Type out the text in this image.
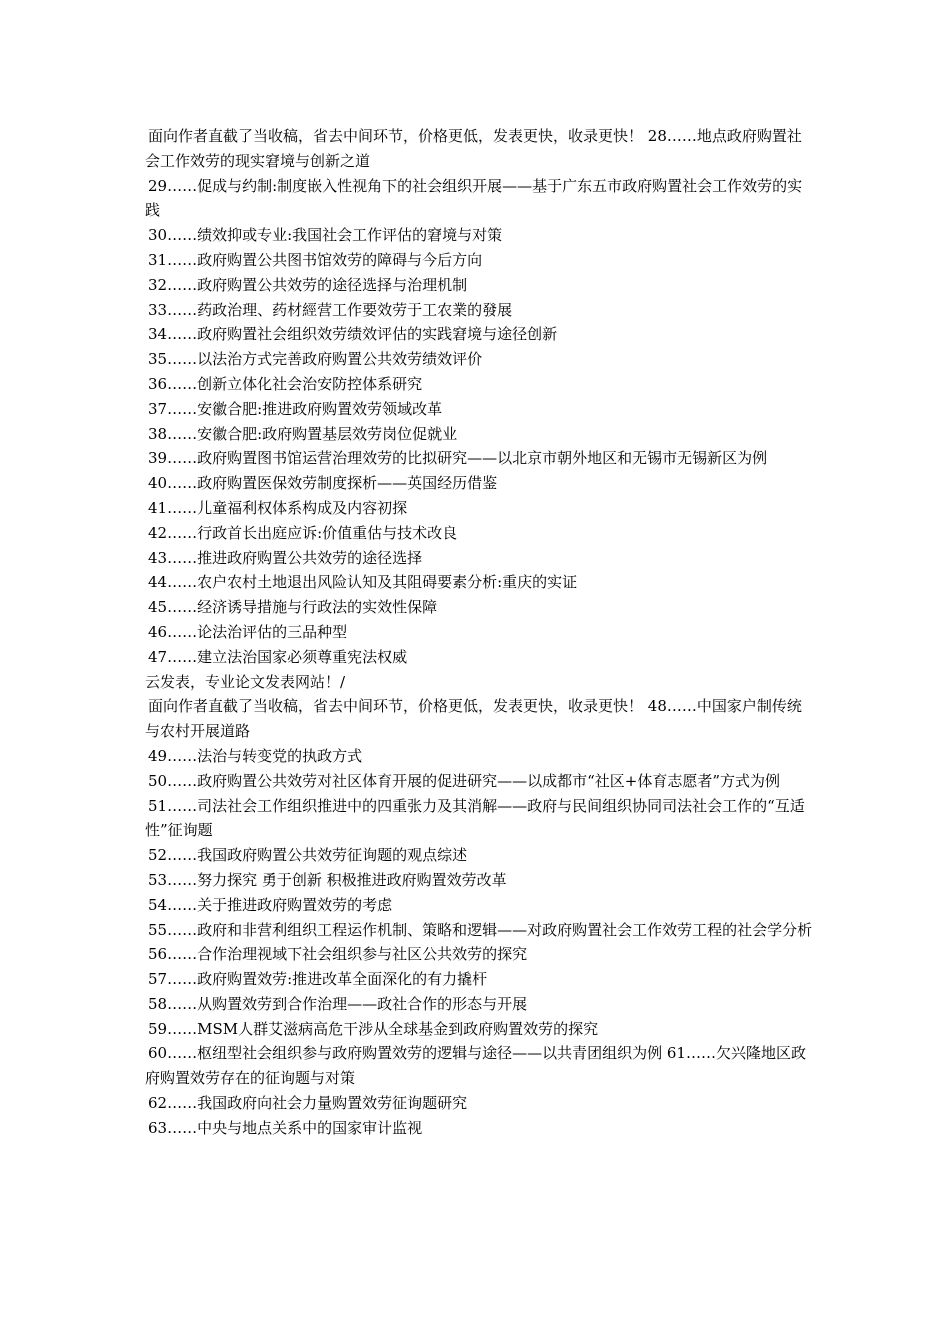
面向作者直截了当收稿，省去中间环节，价格更低，发表更快，收录更快！ 28……地点政府购置社会工作效劳的现实窘境与创新之道

29……促成与约制:制度嵌入性视角下的社会组织开展——基于广东五市政府购置社会工作效劳的实践

30……绩效抑或专业:我国社会工作评估的窘境与对策

31……政府购置公共图书馆效劳的障碍与今后方向

32……政府购置公共效劳的途径选择与治理机制

33……药政治理、药材經营工作要效劳于工农業的發展

34……政府购置社会组织效劳绩效评估的实践窘境与途径创新

35……以法治方式完善政府购置公共效劳绩效评价

36……创新立体化社会治安防控体系研究

37……安徽合肥:推进政府购置效劳领域改革

38……安徽合肥:政府购置基层效劳岗位促就业

39……政府购置图书馆运营治理效劳的比拟研究——以北京市朝外地区和无锡市无锡新区为例

40……政府购置医保效劳制度探析——英国经历借鉴

41……儿童福利权体系构成及内容初探

42……行政首长出庭应诉:价值重估与技术改良

43……推进政府购置公共效劳的途径选择

44……农户农村土地退出风险认知及其阻碍要素分析:重庆的实证

45……经济诱导措施与行政法的实效性保障

46……论法治评估的三品种型

47……建立法治国家必须尊重宪法权威

云发表，专业论文发表网站！/

面向作者直截了当收稿，省去中间环节，价格更低，发表更快，收录更快！ 48……中国家户制传统与农村开展道路

49……法治与转变党的执政方式

50……政府购置公共效劳对社区体育开展的促进研究——以成都市“社区+体育志愿者”方式为例

51……司法社会工作组织推进中的四重张力及其消解——政府与民间组织协同司法社会工作的“互适性”征询题

52……我国政府购置公共效劳征询题的观点综述

53……努力探究 勇于创新 积极推进政府购置效劳改革

54……关于推进政府购置效劳的考虑

55……政府和非营利组织工程运作机制、策略和逻辑——对政府购置社会工作效劳工程的社会学分析

56……合作治理视域下社会组织参与社区公共效劳的探究

57……政府购置效劳:推进改革全面深化的有力撬杆

58……从购置效劳到合作治理——政社合作的形态与开展

59……MSM人群艾滋病高危干涉从全球基金到政府购置效劳的探究

60……枢纽型社会组织参与政府购置效劳的逻辑与途径——以共青团组织为例 61……欠兴隆地区政府购置效劳存在的征询题与对策

62……我国政府向社会力量购置效劳征询题研究

63……中央与地点关系中的国家审计监视
